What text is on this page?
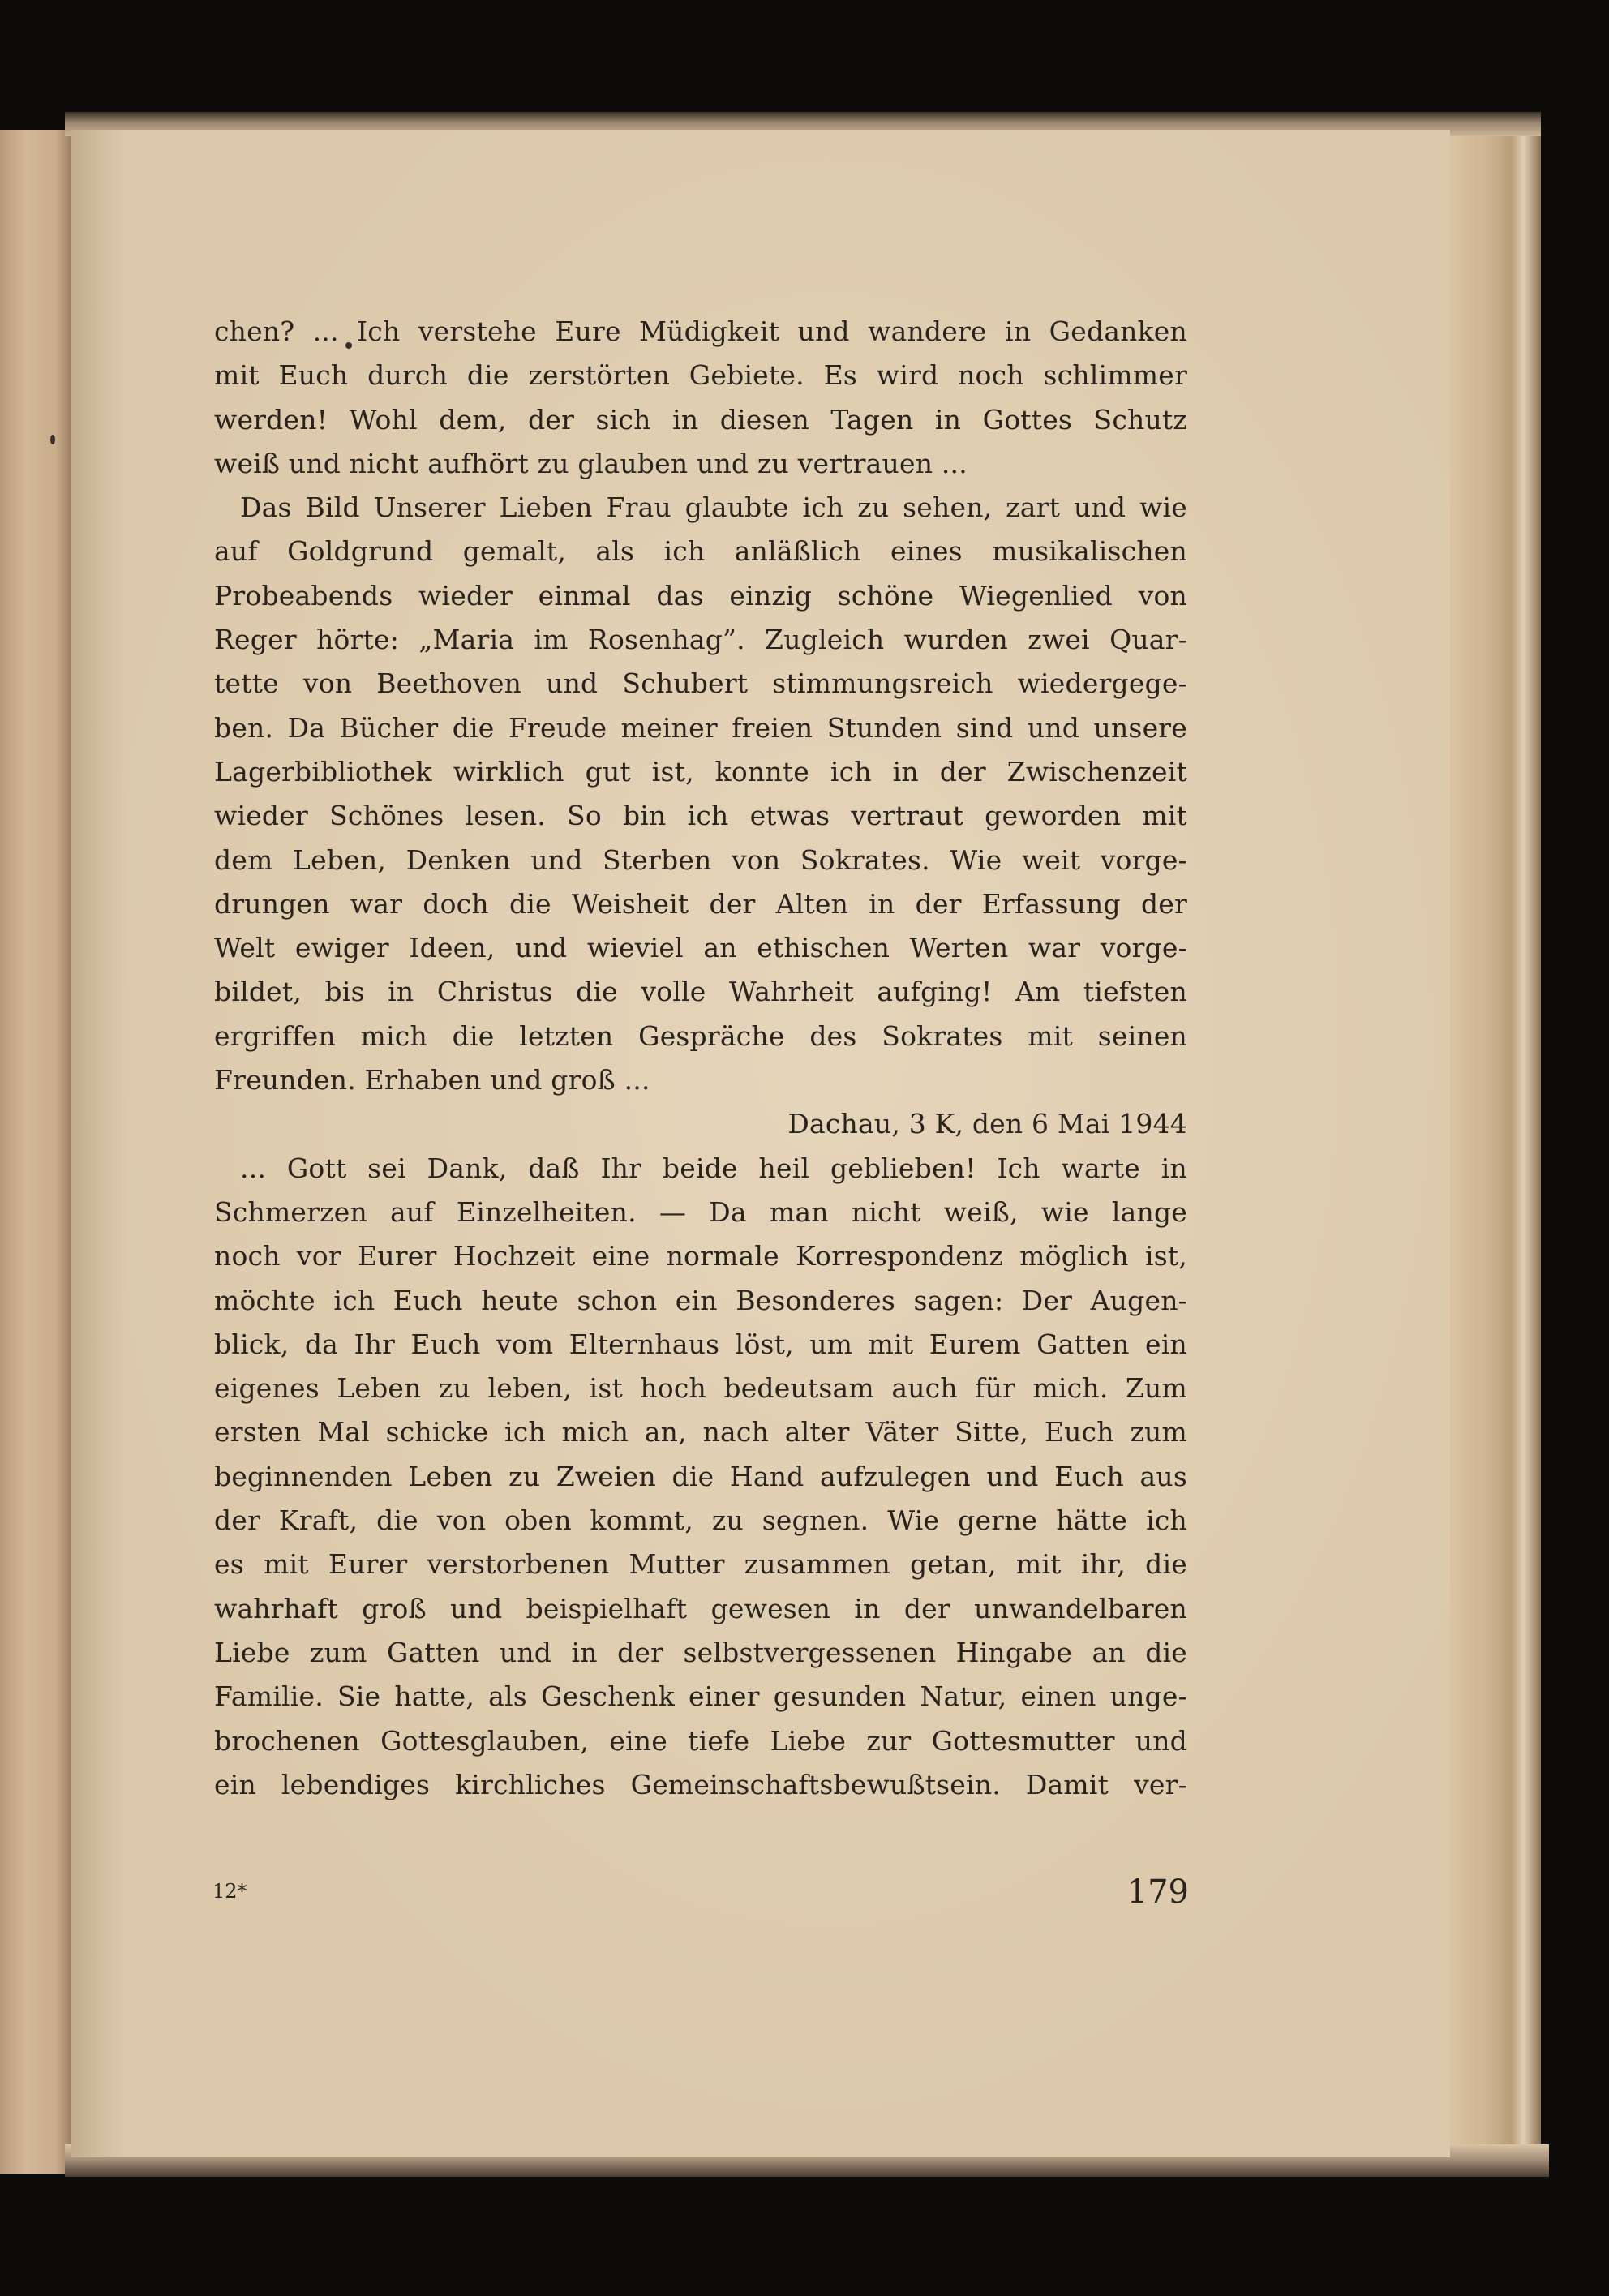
chen? ... Ich verstehe Eure Müdigkeit und wandere in Gedanken
mit Euch durch die zerstörten Gebiete. Es wird noch schlimmer
werden! Wohl dem, der sich in diesen Tagen in Gottes Schutz
weiß und nicht aufhört zu glauben und zu vertrauen ...
Das Bild Unserer Lieben Frau glaubte ich zu sehen, zart und wie
auf Goldgrund gemalt, als ich anläßlich eines musikalischen
Probeabends wieder einmal das einzig schöne Wiegenlied von
Reger hörte: „Maria im Rosenhag”. Zugleich wurden zwei Quar-
tette von Beethoven und Schubert stimmungsreich wiedergege-
ben. Da Bücher die Freude meiner freien Stunden sind und unsere
Lagerbibliothek wirklich gut ist, konnte ich in der Zwischenzeit
wieder Schönes lesen. So bin ich etwas vertraut geworden mit
dem Leben, Denken und Sterben von Sokrates. Wie weit vorge-
drungen war doch die Weisheit der Alten in der Erfassung der
Welt ewiger Ideen, und wieviel an ethischen Werten war vorge-
bildet, bis in Christus die volle Wahrheit aufging! Am tiefsten
ergriffen mich die letzten Gespräche des Sokrates mit seinen
Freunden. Erhaben und groß ...
Dachau, 3 K, den 6 Mai 1944
... Gott sei Dank, daß Ihr beide heil geblieben! Ich warte in
Schmerzen auf Einzelheiten. — Da man nicht weiß, wie lange
noch vor Eurer Hochzeit eine normale Korrespondenz möglich ist,
möchte ich Euch heute schon ein Besonderes sagen: Der Augen-
blick, da Ihr Euch vom Elternhaus löst, um mit Eurem Gatten ein
eigenes Leben zu leben, ist hoch bedeutsam auch für mich. Zum
ersten Mal schicke ich mich an, nach alter Väter Sitte, Euch zum
beginnenden Leben zu Zweien die Hand aufzulegen und Euch aus
der Kraft, die von oben kommt, zu segnen. Wie gerne hätte ich
es mit Eurer verstorbenen Mutter zusammen getan, mit ihr, die
wahrhaft groß und beispielhaft gewesen in der unwandelbaren
Liebe zum Gatten und in der selbstvergessenen Hingabe an die
Familie. Sie hatte, als Geschenk einer gesunden Natur, einen unge-
brochenen Gottesglauben, eine tiefe Liebe zur Gottesmutter und
ein lebendiges kirchliches Gemeinschaftsbewußtsein. Damit ver-
12*	179
